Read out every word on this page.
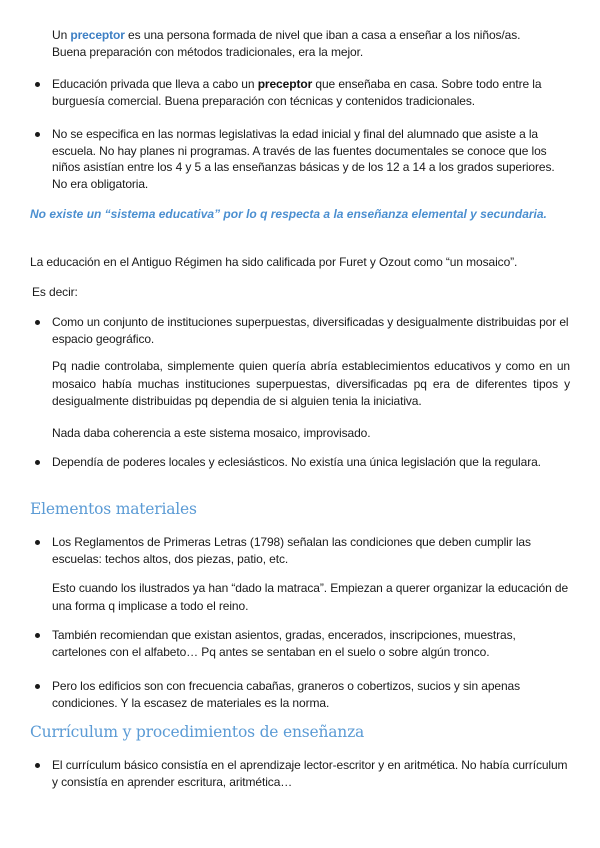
Un preceptor es una persona formada de nivel que iban a casa a enseñar a los niños/as.
Buena preparación con métodos tradicionales, era la mejor.

Educación privada que lleva a cabo un preceptor que enseñaba en casa. Sobre todo entre la burguesía comercial. Buena preparación con técnicas y contenidos tradicionales.
No se especifica en las normas legislativas la edad inicial y final del alumnado que asiste a la escuela. No hay planes ni programas. A través de las fuentes documentales se conoce que los niños asistían entre los 4 y 5 a las enseñanzas básicas y de los 12 a 14 a los grados superiores. No era obligatoria.

No existe un “sistema educativa” por lo q respecta a la enseñanza elemental y secundaria.

La educación en el Antiguo Régimen ha sido calificada por Furet y Ozout como “un mosaico”.

Es decir:

Como un conjunto de instituciones superpuestas, diversificadas y desigualmente distribuidas por el espacio geográfico.

Pq nadie controlaba, simplemente quien quería abría establecimientos educativos y como en un mosaico había muchas instituciones superpuestas, diversificadas pq era de diferentes tipos y desigualmente distribuidas pq dependia de si alguien tenia la iniciativa.

Nada daba coherencia a este sistema mosaico, improvisado.

Dependía de poderes locales y eclesiásticos. No existía una única legislación que la regulara.
Elementos materiales
Los Reglamentos de Primeras Letras (1798) señalan las condiciones que deben cumplir las escuelas: techos altos, dos piezas, patio, etc.

Esto cuando los ilustrados ya han “dado la matraca”. Empiezan a querer organizar la educación de una forma q implicase a todo el reino.

También recomiendan que existan asientos, gradas, encerados, inscripciones, muestras, cartelones con el alfabeto… Pq antes se sentaban en el suelo o sobre algún tronco.
Pero los edificios son con frecuencia cabañas, graneros o cobertizos, sucios y sin apenas condiciones. Y la escasez de materiales es la norma.
Currículum y procedimientos de enseñanza
El currículum básico consistía en el aprendizaje lector-escritor y en aritmética. No había currículum y consistía en aprender escritura, aritmética…
